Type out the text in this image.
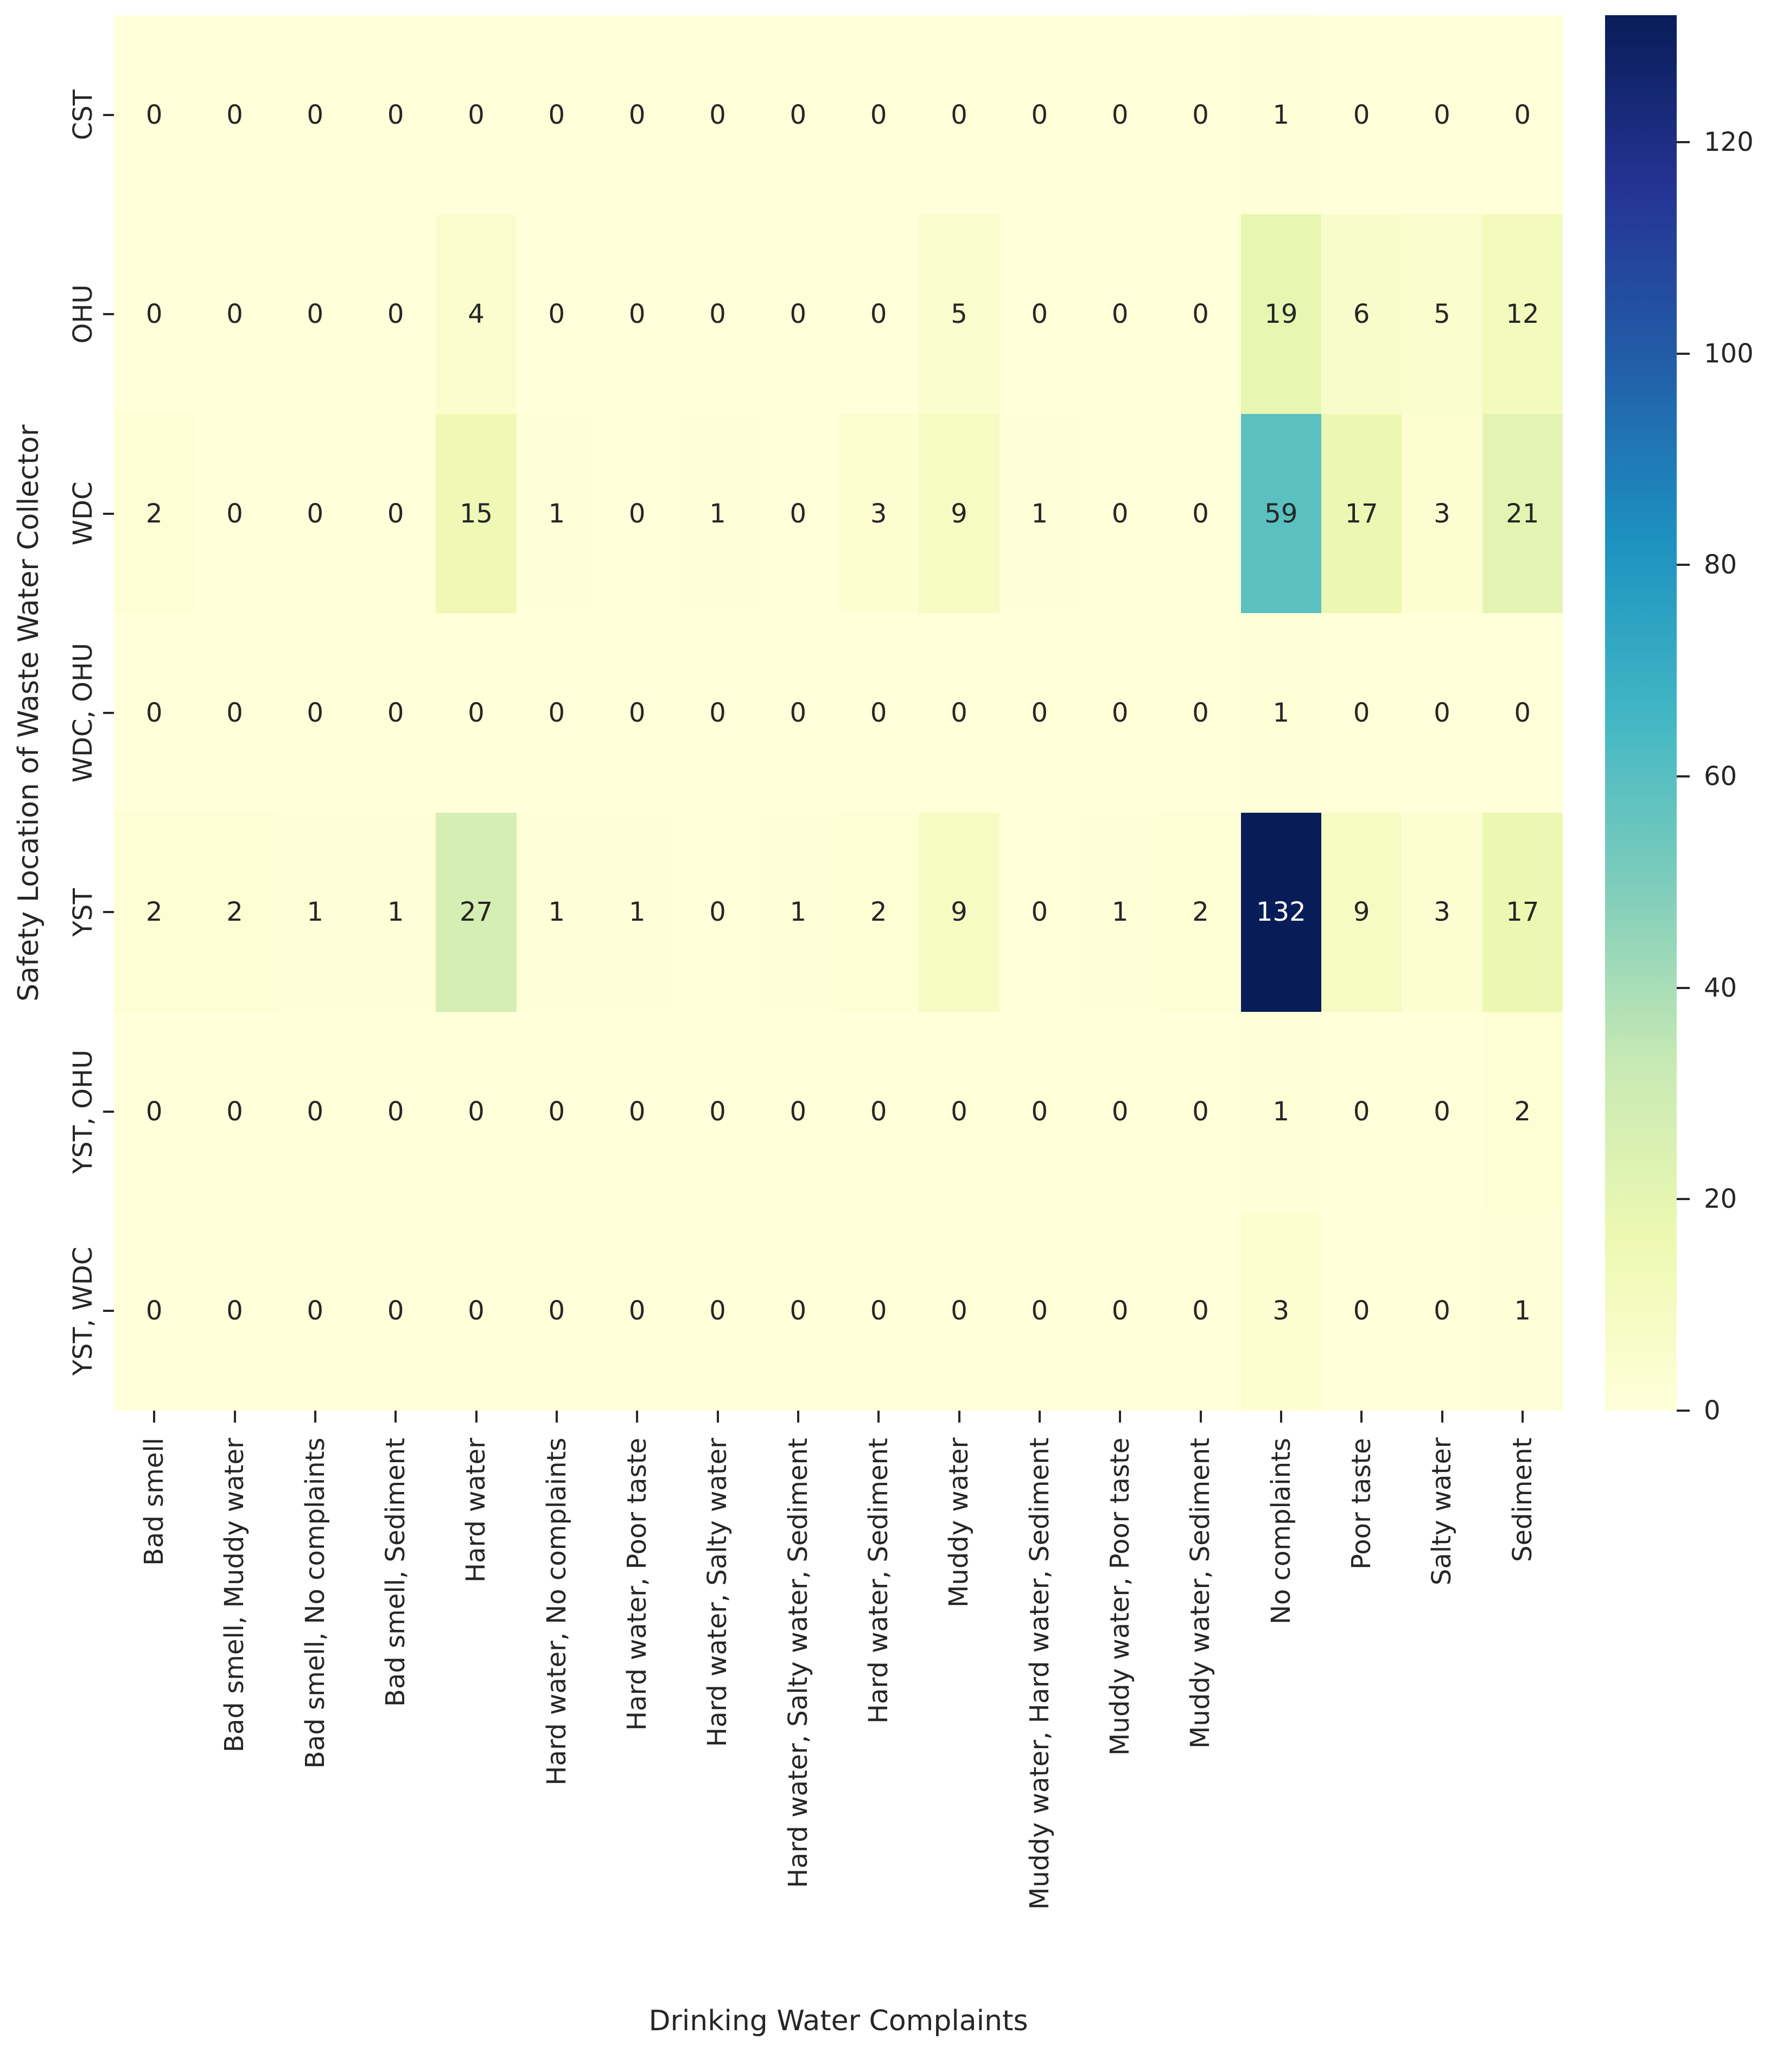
Safety Location of Waste Water Collector
0 0 0 0 0 0 0 0 0 0 0 0 0 0 1 0 0 0
0 0 0 0 4 0 0 0 0 0 5 0 0 0 19 6 5 12
2 0 0 0 15 1 0 1 0 3 9 1 0 0 59 17 3 21
0 0 0 0 0 0 0 0 0 0 0 0 0 0 1 0 0 0
2 2 1 1 27 1 1 0 1 2 9 0 1 2 132 9 3 17
0 0 0 0 0 0 0 0 0 0 0 0 0 0 1 0 0 2
0 0 0 0 0 0 0 0 0 0 0 0 0 0 3 0 0 1
CST
OHU
WDC
WDC, OHU
YST
YST, OHU
YST, WDC
Bad smell	Bad smell, Muddy water	Bad smell, No complaints	Bad smell, Sediment	Hard water	Hard water, No complaints	Hard water, Poor taste	Hard water, Salty water	Hard water, Salty water, Sediment	Hard water, Sediment	Muddy water	Muddy water, Hard water, Sediment	Muddy water, Poor taste	Muddy water, Sediment	No complaints	Poor taste	Salty water	Sediment
Drinking Water Complaints
0
20
40
60
80
100
120
